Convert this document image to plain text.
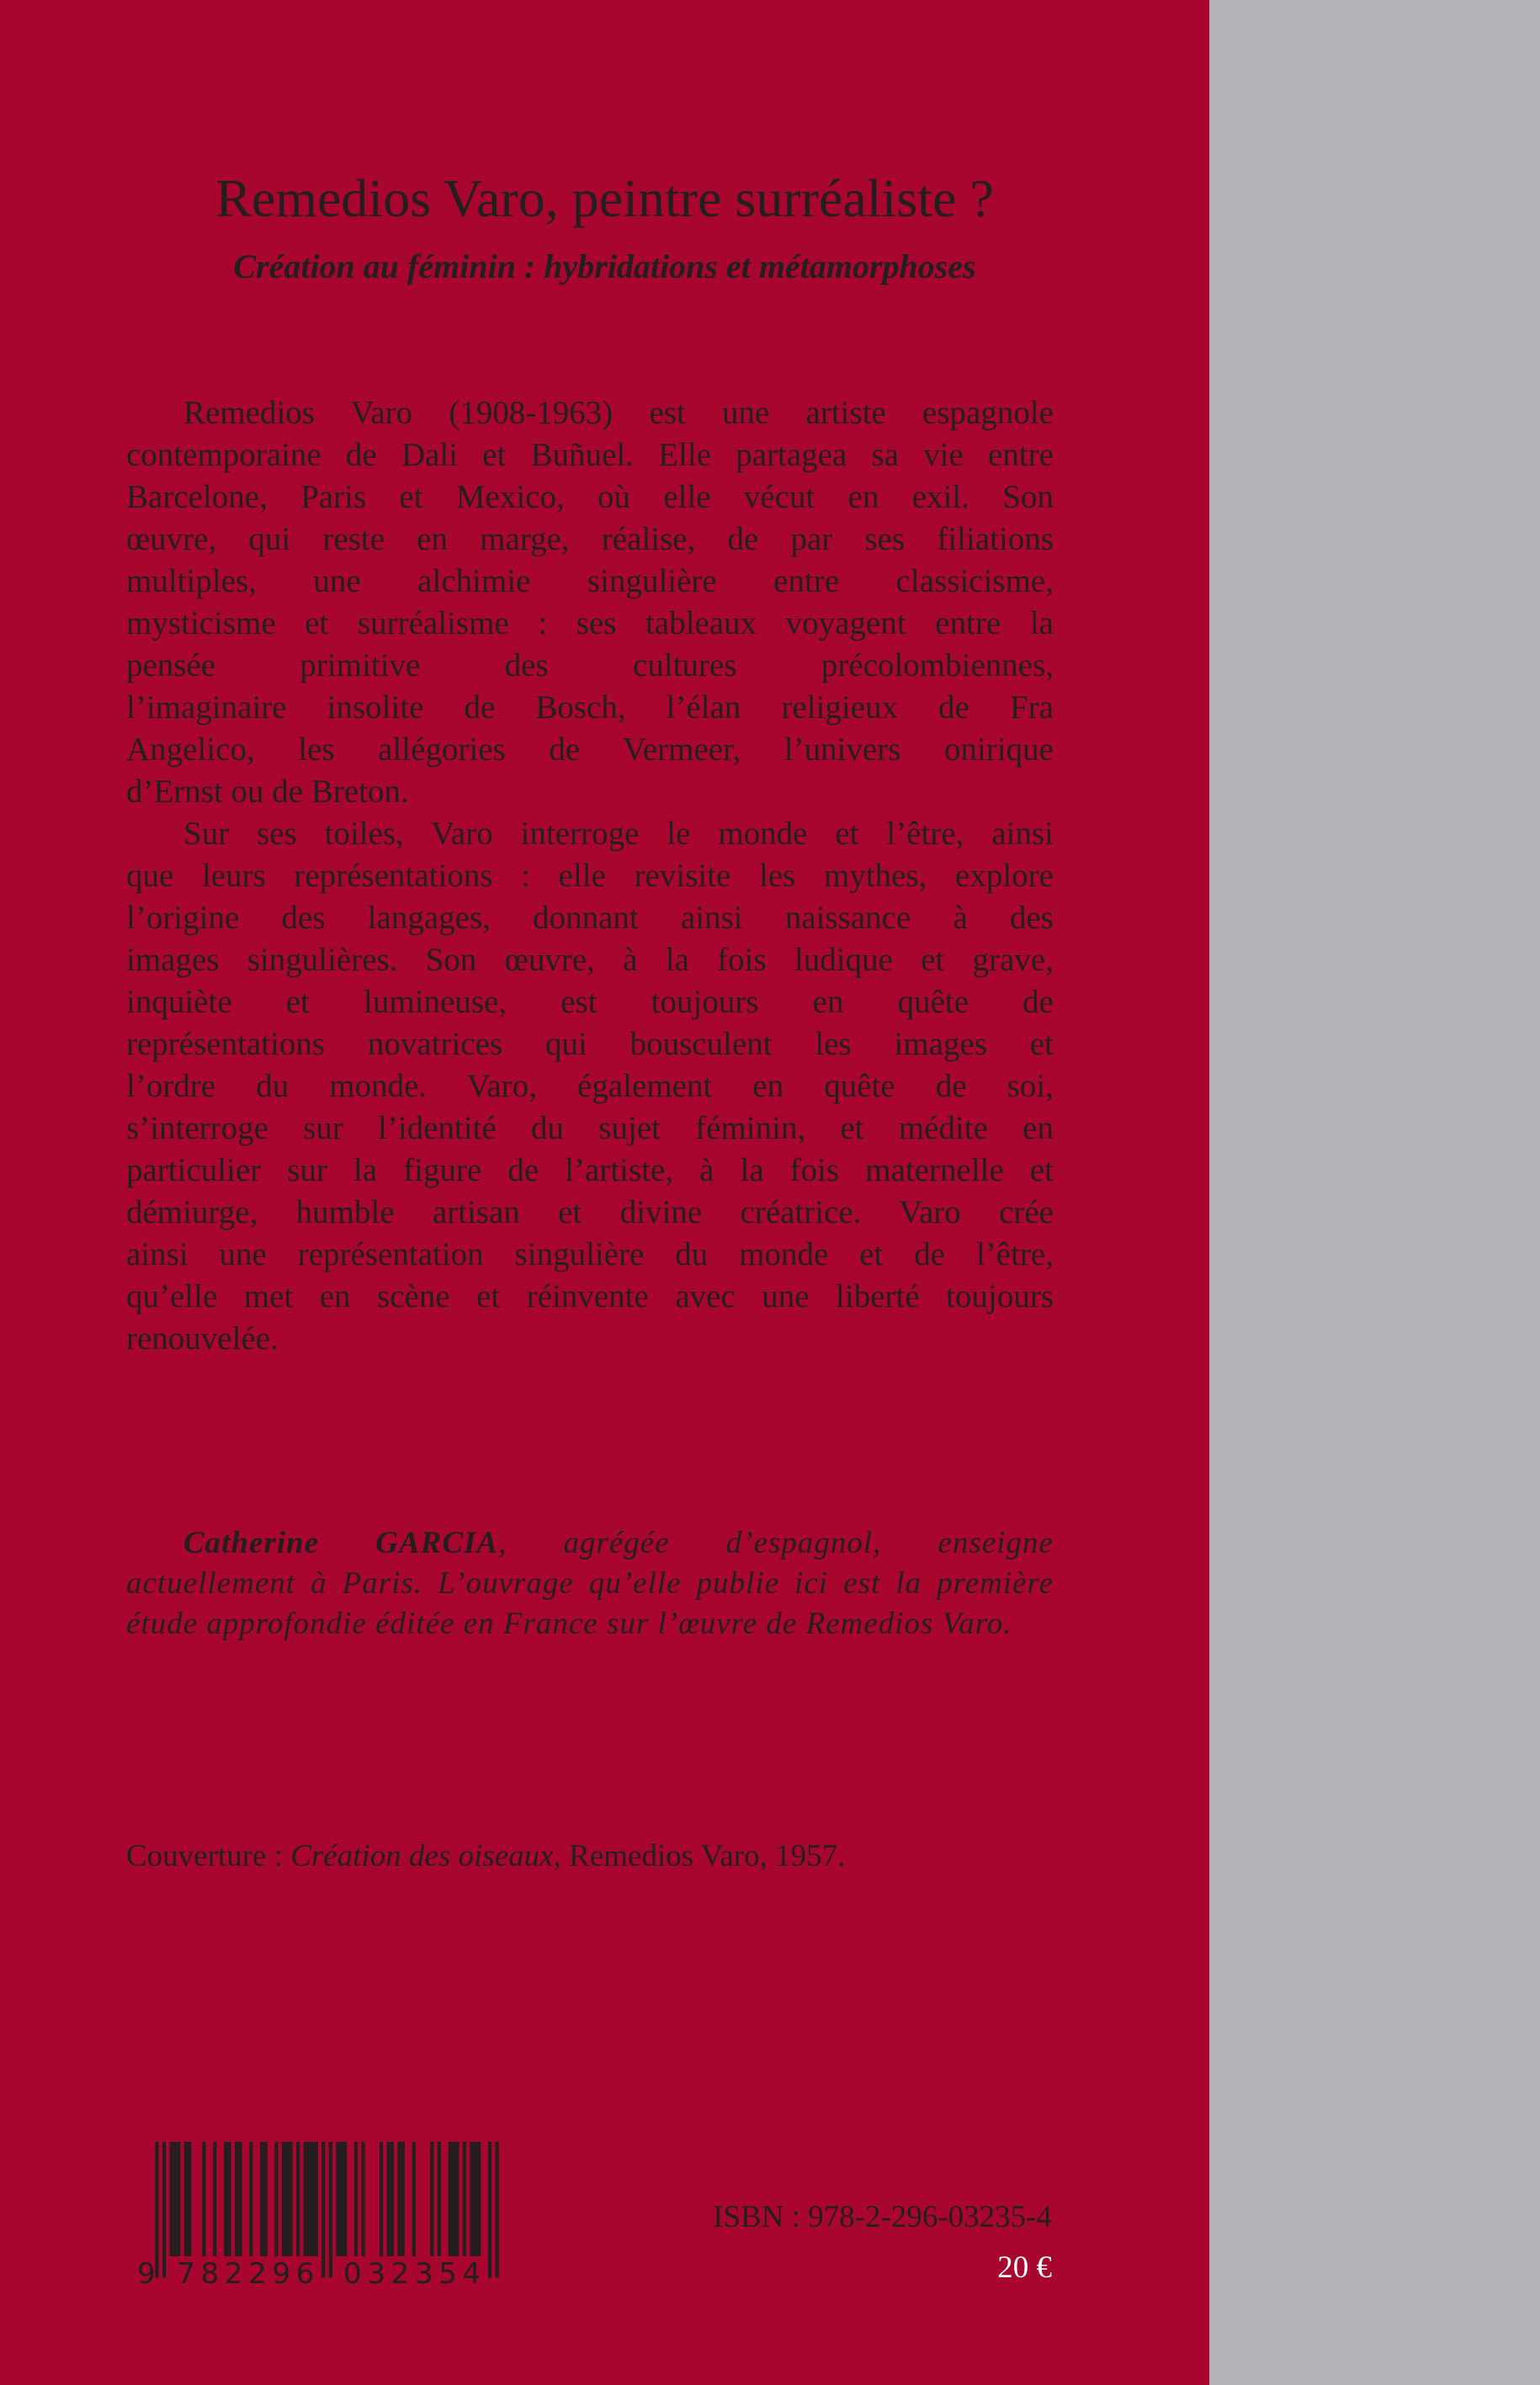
Remedios Varo, peintre surréaliste ?
Création au féminin : hybridations et métamorphoses
Remedios Varo (1908-1963) est une artiste espagnole
contemporaine de Dali et Buñuel. Elle partagea sa vie entre
Barcelone, Paris et Mexico, où elle vécut en exil. Son
œuvre, qui reste en marge, réalise, de par ses filiations
multiples, une alchimie singulière entre classicisme,
mysticisme et surréalisme : ses tableaux voyagent entre la
pensée primitive des cultures précolombiennes,
l’imaginaire insolite de Bosch, l’élan religieux de Fra
Angelico, les allégories de Vermeer, l’univers onirique
d’Ernst ou de Breton.
Sur ses toiles, Varo interroge le monde et l’être, ainsi
que leurs représentations : elle revisite les mythes, explore
l’origine des langages, donnant ainsi naissance à des
images singulières. Son œuvre, à la fois ludique et grave,
inquiète et lumineuse, est toujours en quête de
représentations novatrices qui bousculent les images et
l’ordre du monde. Varo, également en quête de soi,
s’interroge sur l’identité du sujet féminin, et médite en
particulier sur la figure de l’artiste, à la fois maternelle et
démiurge, humble artisan et divine créatrice. Varo crée
ainsi une représentation singulière du monde et de l’être,
qu’elle met en scène et réinvente avec une liberté toujours
renouvelée.
Catherine GARCIA, agrégée d’espagnol, enseigne
actuellement à Paris. L’ouvrage qu’elle publie ici est la première
étude approfondie éditée en France sur l’œuvre de Remedios Varo.
Couverture : Création des oiseaux, Remedios Varo, 1957.
9	782296	032354
ISBN : 978-2-296-03235-4
20 €
